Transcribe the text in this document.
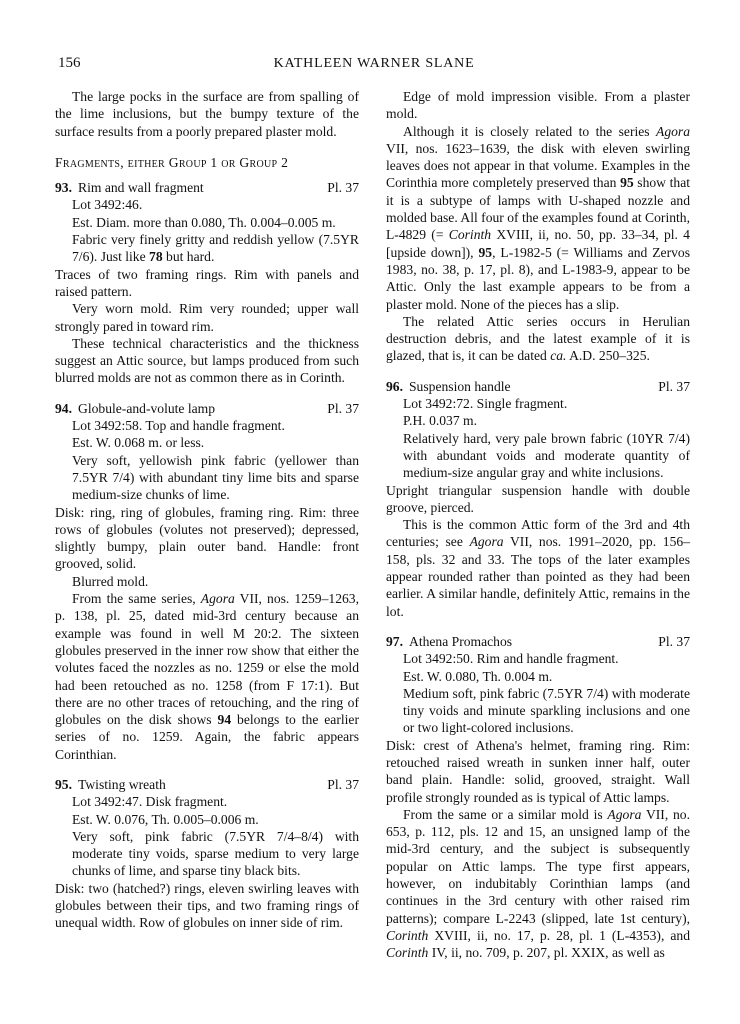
156	KATHLEEN WARNER SLANE

The large pocks in the surface are from spalling of the lime inclusions, but the bumpy texture of the surface results from a poorly prepared plaster mold.

Fragments, either Group 1 or Group 2

93. Rim and wall fragment	Pl. 37

Lot 3492:46.

Est. Diam. more than 0.080, Th. 0.004–0.005 m.

Fabric very finely gritty and reddish yellow (7.5YR 7/6). Just like 78 but hard.

Traces of two framing rings. Rim with panels and raised pattern.

Very worn mold. Rim very rounded; upper wall strongly pared in toward rim.

These technical characteristics and the thickness suggest an Attic source, but lamps produced from such blurred molds are not as common there as in Corinth.

94. Globule-and-volute lamp	Pl. 37

Lot 3492:58. Top and handle fragment.

Est. W. 0.068 m. or less.

Very soft, yellowish pink fabric (yellower than 7.5YR 7/4) with abundant tiny lime bits and sparse medium-size chunks of lime.

Disk: ring, ring of globules, framing ring. Rim: three rows of globules (volutes not preserved); depressed, slightly bumpy, plain outer band. Handle: front grooved, solid.

Blurred mold.

From the same series, Agora VII, nos. 1259–1263, p. 138, pl. 25, dated mid-3rd century because an example was found in well M 20:2. The sixteen globules preserved in the inner row show that either the volutes faced the nozzles as no. 1259 or else the mold had been retouched as no. 1258 (from F 17:1). But there are no other traces of retouching, and the ring of globules on the disk shows 94 belongs to the earlier series of no. 1259. Again, the fabric appears Corinthian.

95. Twisting wreath	Pl. 37

Lot 3492:47. Disk fragment.

Est. W. 0.076, Th. 0.005–0.006 m.

Very soft, pink fabric (7.5YR 7/4–8/4) with moderate tiny voids, sparse medium to very large chunks of lime, and sparse tiny black bits.

Disk: two (hatched?) rings, eleven swirling leaves with globules between their tips, and two framing rings of unequal width. Row of globules on inner side of rim.

Edge of mold impression visible. From a plaster mold.

Although it is closely related to the series Agora VII, nos. 1623–1639, the disk with eleven swirling leaves does not appear in that volume. Examples in the Corinthia more completely preserved than 95 show that it is a subtype of lamps with U-shaped nozzle and molded base. All four of the examples found at Corinth, L-4829 (= Corinth XVIII, ii, no. 50, pp. 33–34, pl. 4 [upside down]), 95, L-1982-5 (= Williams and Zervos 1983, no. 38, p. 17, pl. 8), and L-1983-9, appear to be Attic. Only the last example appears to be from a plaster mold. None of the pieces has a slip.

The related Attic series occurs in Herulian destruction debris, and the latest example of it is glazed, that is, it can be dated ca. A.D. 250–325.

96. Suspension handle	Pl. 37

Lot 3492:72. Single fragment.

P.H. 0.037 m.

Relatively hard, very pale brown fabric (10YR 7/4) with abundant voids and moderate quantity of medium-size angular gray and white inclusions.

Upright triangular suspension handle with double groove, pierced.

This is the common Attic form of the 3rd and 4th centuries; see Agora VII, nos. 1991–2020, pp. 156–158, pls. 32 and 33. The tops of the later examples appear rounded rather than pointed as they had been earlier. A similar handle, definitely Attic, remains in the lot.

97. Athena Promachos	Pl. 37

Lot 3492:50. Rim and handle fragment.

Est. W. 0.080, Th. 0.004 m.

Medium soft, pink fabric (7.5YR 7/4) with moderate tiny voids and minute sparkling inclusions and one or two light-colored inclusions.

Disk: crest of Athena's helmet, framing ring. Rim: retouched raised wreath in sunken inner half, outer band plain. Handle: solid, grooved, straight. Wall profile strongly rounded as is typical of Attic lamps.

From the same or a similar mold is Agora VII, no. 653, p. 112, pls. 12 and 15, an unsigned lamp of the mid-3rd century, and the subject is subsequently popular on Attic lamps. The type first appears, however, on indubitably Corinthian lamps (and continues in the 3rd century with other raised rim patterns); compare L-2243 (slipped, late 1st century), Corinth XVIII, ii, no. 17, p. 28, pl. 1 (L-4353), and Corinth IV, ii, no. 709, p. 207, pl. XXIX, as well as
